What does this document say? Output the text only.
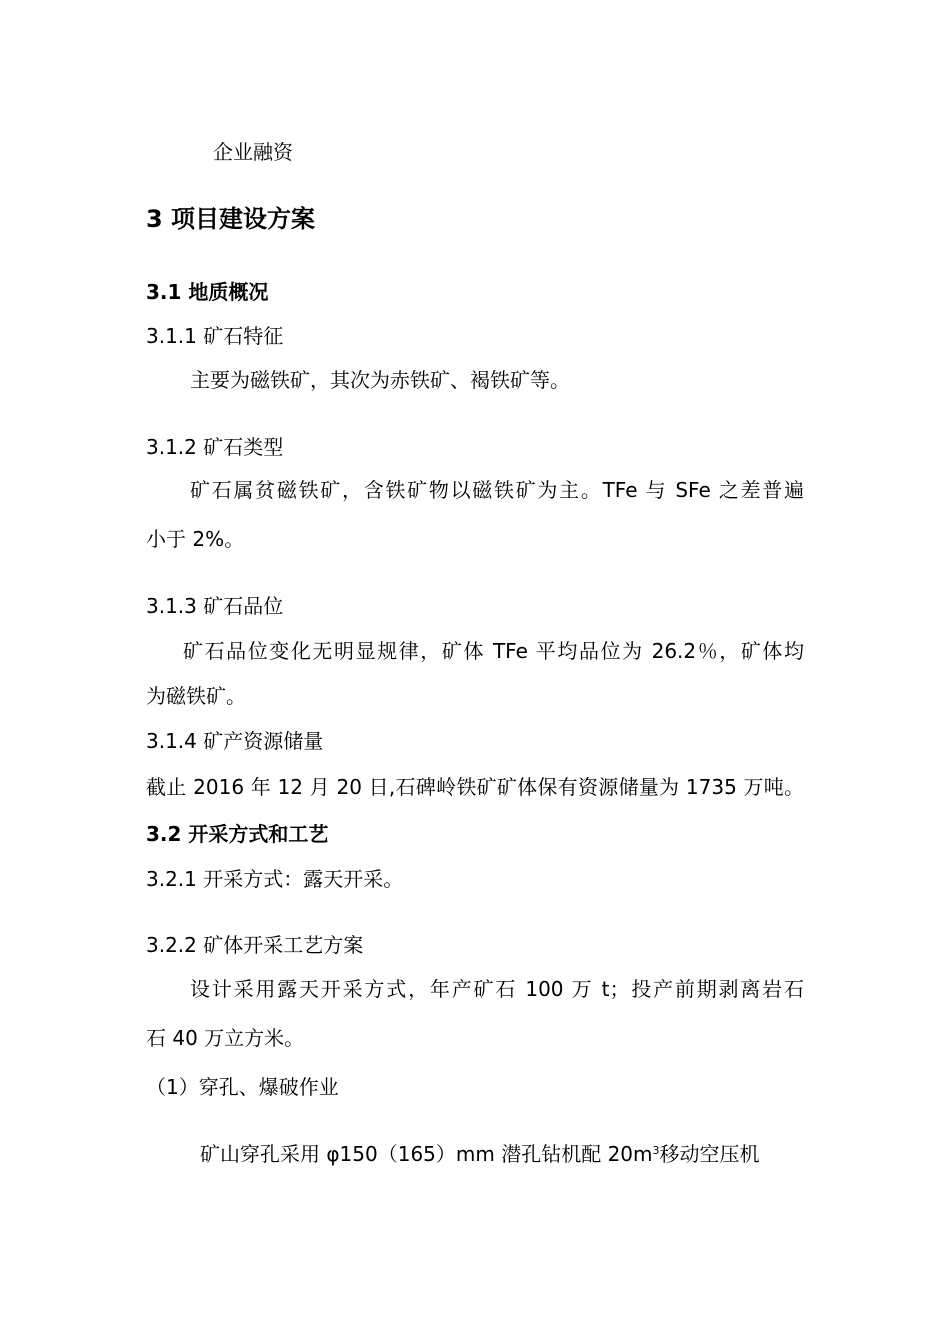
企业融资
3 项目建设方案
3.1 地质概况
3.1.1 矿石特征
主要为磁铁矿，其次为赤铁矿、褐铁矿等。
3.1.2 矿石类型
矿石属贫磁铁矿，含铁矿物以磁铁矿为主。TFe 与 SFe 之差普遍
小于 2%。
3.1.3 矿石品位
矿石品位变化无明显规律，矿体 TFe 平均品位为 26.2％，矿体均
为磁铁矿。
3.1.4 矿产资源储量
截止 2016 年 12 月 20 日,石碑岭铁矿矿体保有资源储量为 1735 万吨。
3.2 开采方式和工艺
3.2.1 开采方式：露天开采。
3.2.2 矿体开采工艺方案
设计采用露天开采方式，年产矿石 100 万 t；投产前期剥离岩石
石 40 万立方米。
（1）穿孔、爆破作业
矿山穿孔采用 φ150（165）mm 潜孔钻机配 $20m^3$移动空压机
